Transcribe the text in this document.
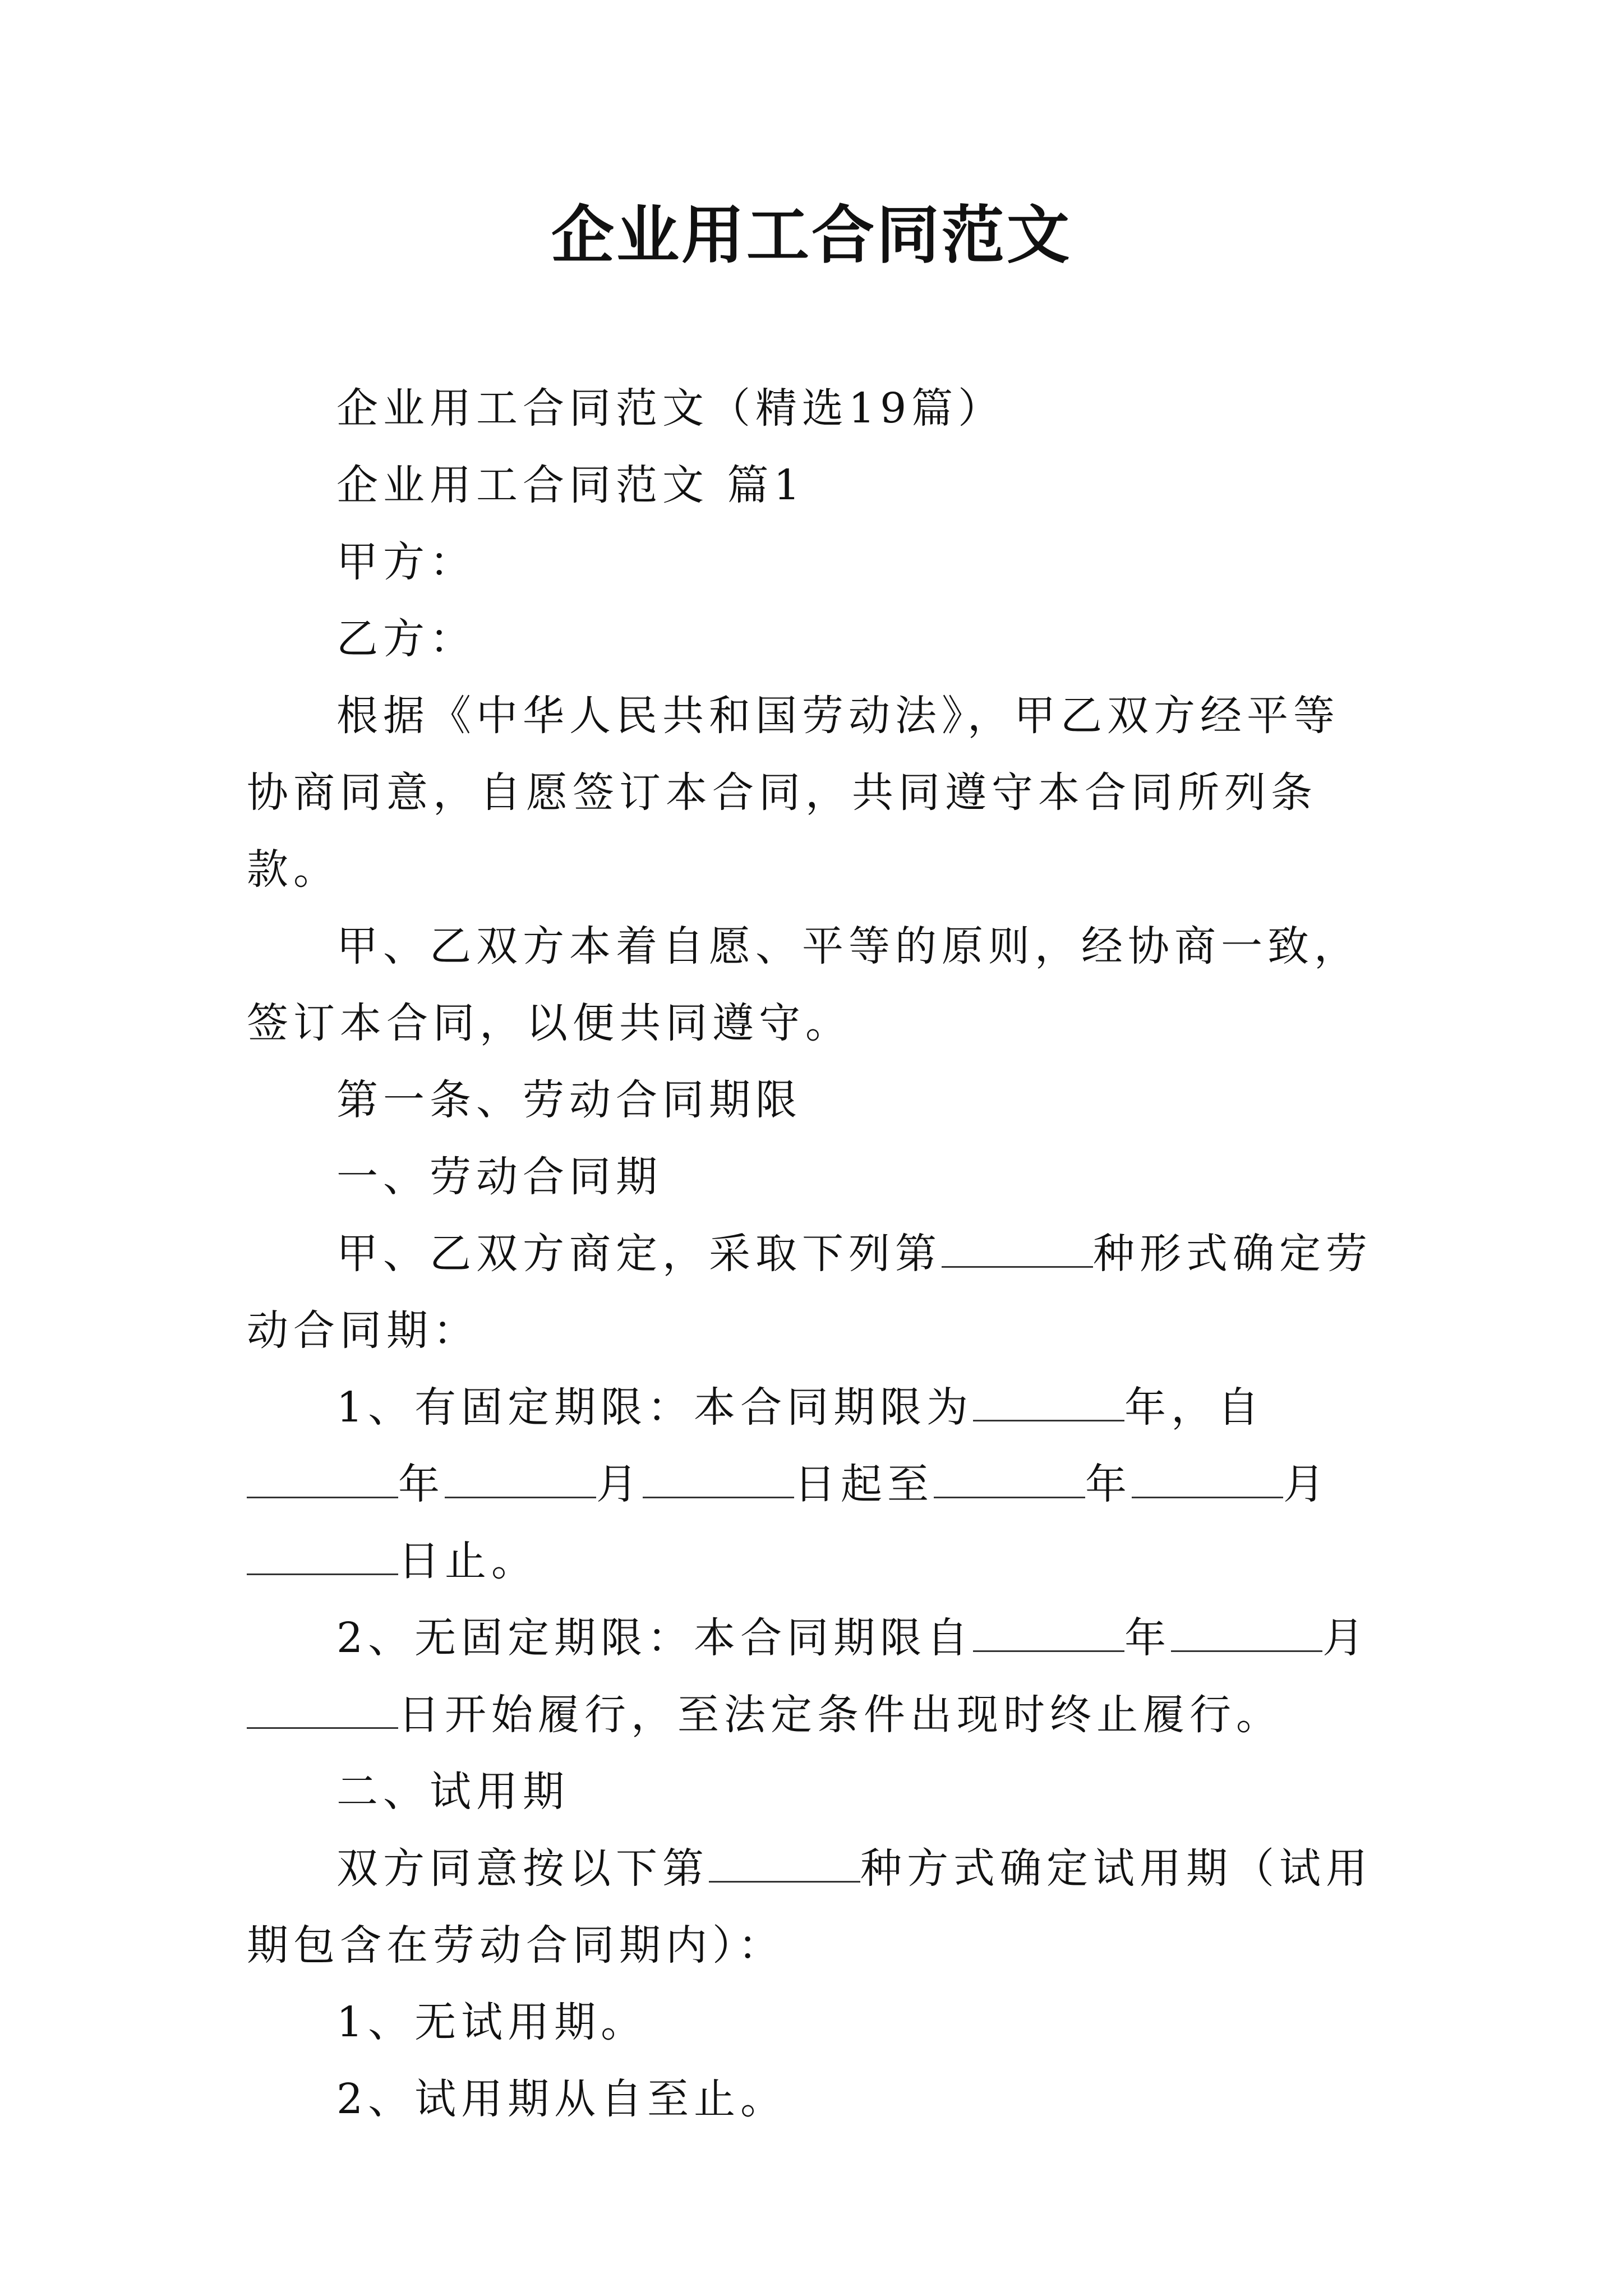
企业用工合同范文

企业用工合同范文（精选19篇）

企业用工合同范文 篇1

甲方：

乙方：

根据《中华人民共和国劳动法》，甲乙双方经平等协商同意，自愿签订本合同，共同遵守本合同所列条款。

甲、乙双方本着自愿、平等的原则，经协商一致，签订本合同，以便共同遵守。

第一条、劳动合同期限

一、劳动合同期

甲、乙双方商定，采取下列第	种形式确定劳动合同期：

1、有固定期限：本合同期限为	年，自年	月	日起至	年	月日止。

2、无固定期限：本合同期限自	年	月日开始履行，至法定条件出现时终止履行。

二、试用期

双方同意按以下第	种方式确定试用期（试用期包含在劳动合同期内）：

1、无试用期。

2、试用期从自至止。
